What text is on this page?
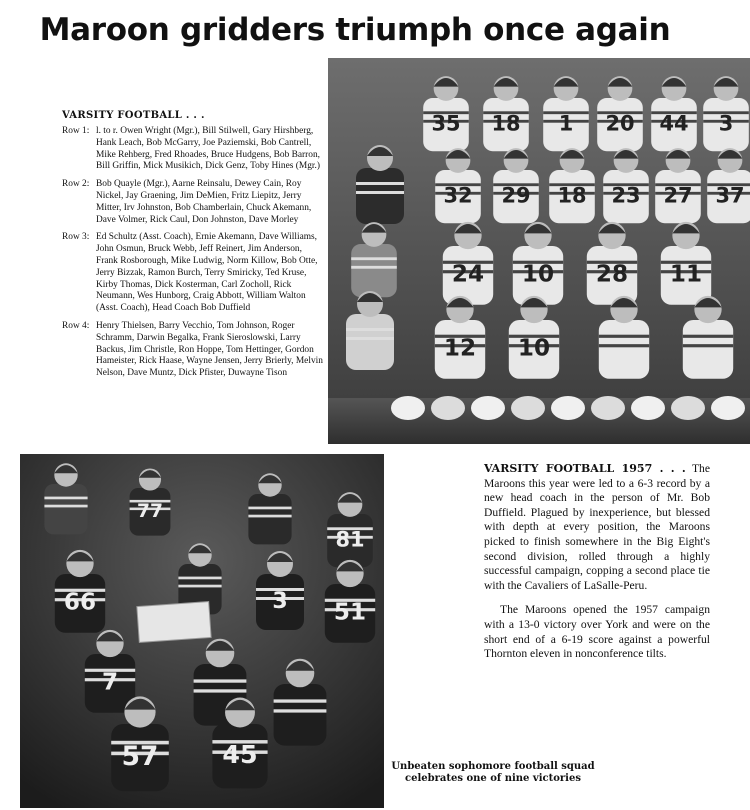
Maroon gridders triumph once again
VARSITY FOOTBALL . . .
Row 1: l. to r. Owen Wright (Mgr.), Bill Stilwell, Gary Hirshberg, Hank Leach, Bob McGarry, Joe Paziemski, Bob Cantrell, Mike Rehberg, Fred Rhoades, Bruce Hudgens, Bob Barron, Bill Griffin, Mick Musikich, Dick Genz, Toby Hines (Mgr.)
Row 2: Bob Quayle (Mgr.), Aarne Reinsalu, Dewey Cain, Roy Nickel, Jay Graening, Jim DeMien, Fritz Liepitz, Jerry Mitter, Irv Johnston, Bob Chamberlain, Chuck Akemann, Dave Volmer, Rick Caul, Don Johnston, Dave Morley
Row 3: Ed Schultz (Asst. Coach), Ernie Akemann, Dave Williams, John Osmun, Bruck Webb, Jeff Reinert, Jim Anderson, Frank Rosborough, Mike Ludwig, Norm Killow, Bob Otte, Jerry Bizzak, Ramon Burch, Terry Smiricky, Ted Kruse, Kirby Thomas, Dick Kosterman, Carl Zocholl, Rick Neumann, Wes Hunborg, Craig Abbott, William Walton (Asst. Coach), Head Coach Bob Duffield
Row 4: Henry Thielsen, Barry Vecchio, Tom Johnson, Roger Schramm, Darwin Begalka, Frank Sieroslowski, Larry Backus, Jim Christle, Ron Hoppe, Tom Hettinger, Gordon Hameister, Rick Haase, Wayne Jensen, Jerry Brierly, Melvin Nelson, Dave Muntz, Dick Pfister, Duwayne Tison
35 18 1 20 44 3
32 29 18 23 27 37
24 10 28 11
12 10
77
81
66	3 51
7
57	45

VARSITY FOOTBALL 1957 . . . The Maroons this year were led to a 6-3 record by a new head coach in the person of Mr. Bob Duffield. Plagued by inexperience, but blessed with depth at every position, the Maroons picked to finish somewhere in the Big Eight's second division, rolled through a highly successful campaign, copping a second place tie with the Cavaliers of LaSalle-Peru.

The Maroons opened the 1957 campaign with a 13-0 victory over York and were on the short end of a 6-19 score against a powerful Thornton eleven in nonconference tilts.

Unbeaten sophomore football squad
celebrates one of nine victories
